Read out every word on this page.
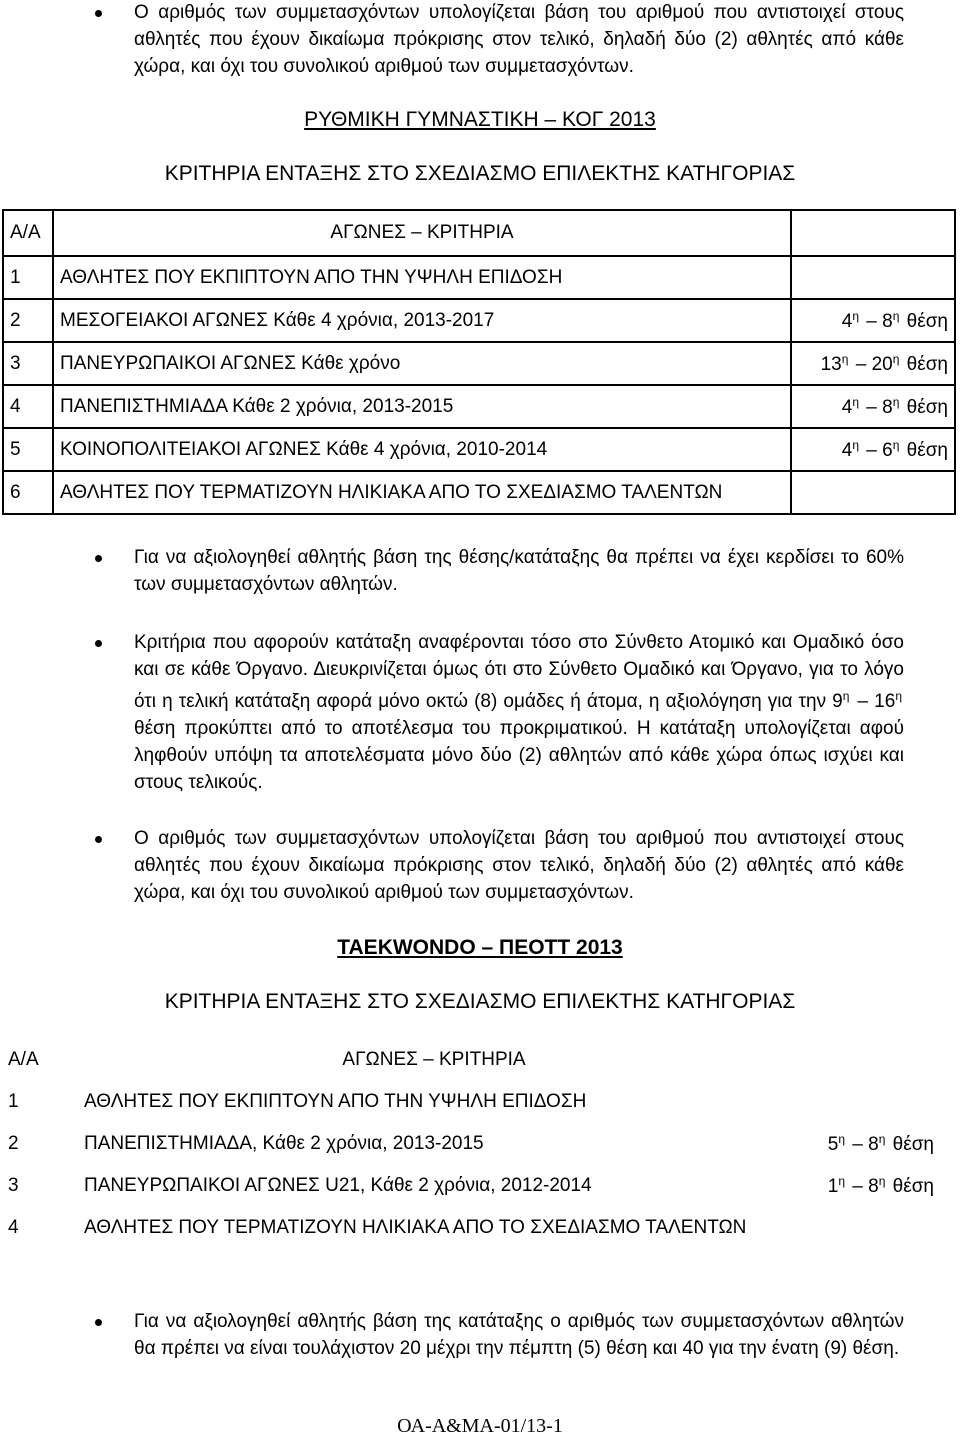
Ο αριθμός των συμμετασχόντων υπολογίζεται βάση του αριθμού που αντιστοιχεί στους αθλητές που έχουν δικαίωμα πρόκρισης στον τελικό, δηλαδή δύο (2) αθλητές από κάθε χώρα, και όχι του συνολικού αριθμού των συμμετασχόντων.
ΡΥΘΜΙΚΗ ΓΥΜΝΑΣΤΙΚΗ – ΚΟΓ 2013
ΚΡΙΤΗΡΙΑ ΕΝΤΑΞΗΣ ΣΤΟ ΣΧΕΔΙΑΣΜΟ ΕΠΙΛΕΚΤΗΣ ΚΑΤΗΓΟΡΙΑΣ
Α/Α	ΑΓΩΝΕΣ – ΚΡΙΤΗΡΙΑ	
1	ΑΘΛΗΤΕΣ ΠΟΥ ΕΚΠΙΠΤΟΥΝ ΑΠΟ ΤΗΝ ΥΨΗΛΗ ΕΠΙΔΟΣΗ	
2	ΜΕΣΟΓΕΙΑΚΟΙ ΑΓΩΝΕΣ Κάθε 4 χρόνια, 2013-2017	$4^\eta - 8^\eta$ θέση
3	ΠΑΝΕΥΡΩΠΑΙΚΟΙ ΑΓΩΝΕΣ Κάθε χρόνο	$13^\eta - 20^\eta$ θέση
4	ΠΑΝΕΠΙΣΤΗΜΙΑΔΑ Κάθε 2 χρόνια, 2013-2015	$4^\eta - 8^\eta$ θέση
5	ΚΟΙΝΟΠΟΛΙΤΕΙΑΚΟΙ ΑΓΩΝΕΣ Κάθε 4 χρόνια, 2010-2014	$4^\eta - 6^\eta$ θέση
6	ΑΘΛΗΤΕΣ ΠΟΥ ΤΕΡΜΑΤΙΖΟΥΝ ΗΛΙΚΙΑΚΑ ΑΠΟ ΤΟ ΣΧΕΔΙΑΣΜΟ ΤΑΛΕΝΤΩΝ	
Για να αξιολογηθεί αθλητής βάση της θέσης/κατάταξης θα πρέπει να έχει κερδίσει το 60% των συμμετασχόντων αθλητών.
Κριτήρια που αφορούν κατάταξη αναφέρονται τόσο στο Σύνθετο Ατομικό και Ομαδικό όσο και σε κάθε Όργανο. Διευκρινίζεται όμως ότι στο Σύνθετο Ομαδικό και Όργανο, για το λόγο ότι η τελική κατάταξη αφορά μόνο οκτώ (8) ομάδες ή άτομα, η αξιολόγηση για την $9^\eta - 16^\eta$ θέση προκύπτει από το αποτέλεσμα του προκριματικού. Η κατάταξη υπολογίζεται αφού ληφθούν υπόψη τα αποτελέσματα μόνο δύο (2) αθλητών από κάθε χώρα όπως ισχύει και στους τελικούς.
Ο αριθμός των συμμετασχόντων υπολογίζεται βάση του αριθμού που αντιστοιχεί στους αθλητές που έχουν δικαίωμα πρόκρισης στον τελικό, δηλαδή δύο (2) αθλητές από κάθε χώρα, και όχι του συνολικού αριθμού των συμμετασχόντων.
TAEKWONDO – ΠΕΟΤΤ 2013
ΚΡΙΤΗΡΙΑ ΕΝΤΑΞΗΣ ΣΤΟ ΣΧΕΔΙΑΣΜΟ ΕΠΙΛΕΚΤΗΣ ΚΑΤΗΓΟΡΙΑΣ
Α/Α	ΑΓΩΝΕΣ – ΚΡΙΤΗΡΙΑ	
1	ΑΘΛΗΤΕΣ ΠΟΥ ΕΚΠΙΠΤΟΥΝ ΑΠΟ ΤΗΝ ΥΨΗΛΗ ΕΠΙΔΟΣΗ	
2	ΠΑΝΕΠΙΣΤΗΜΙΑΔΑ, Κάθε 2 χρόνια, 2013-2015	$5^\eta - 8^\eta$ θέση
3	ΠΑΝΕΥΡΩΠΑΙΚΟΙ ΑΓΩΝΕΣ U21, Κάθε 2 χρόνια, 2012-2014	$1^\eta - 8^\eta$ θέση
4	ΑΘΛΗΤΕΣ ΠΟΥ ΤΕΡΜΑΤΙΖΟΥΝ ΗΛΙΚΙΑΚΑ ΑΠΟ ΤΟ ΣΧΕΔΙΑΣΜΟ ΤΑΛΕΝΤΩΝ	
Για να αξιολογηθεί αθλητής βάση της κατάταξης ο αριθμός των συμμετασχόντων αθλητών θα πρέπει να είναι τουλάχιστον 20 μέχρι την πέμπτη (5) θέση και 40 για την ένατη (9) θέση.
ΟΑ-Α&ΜΑ-01/13-1
